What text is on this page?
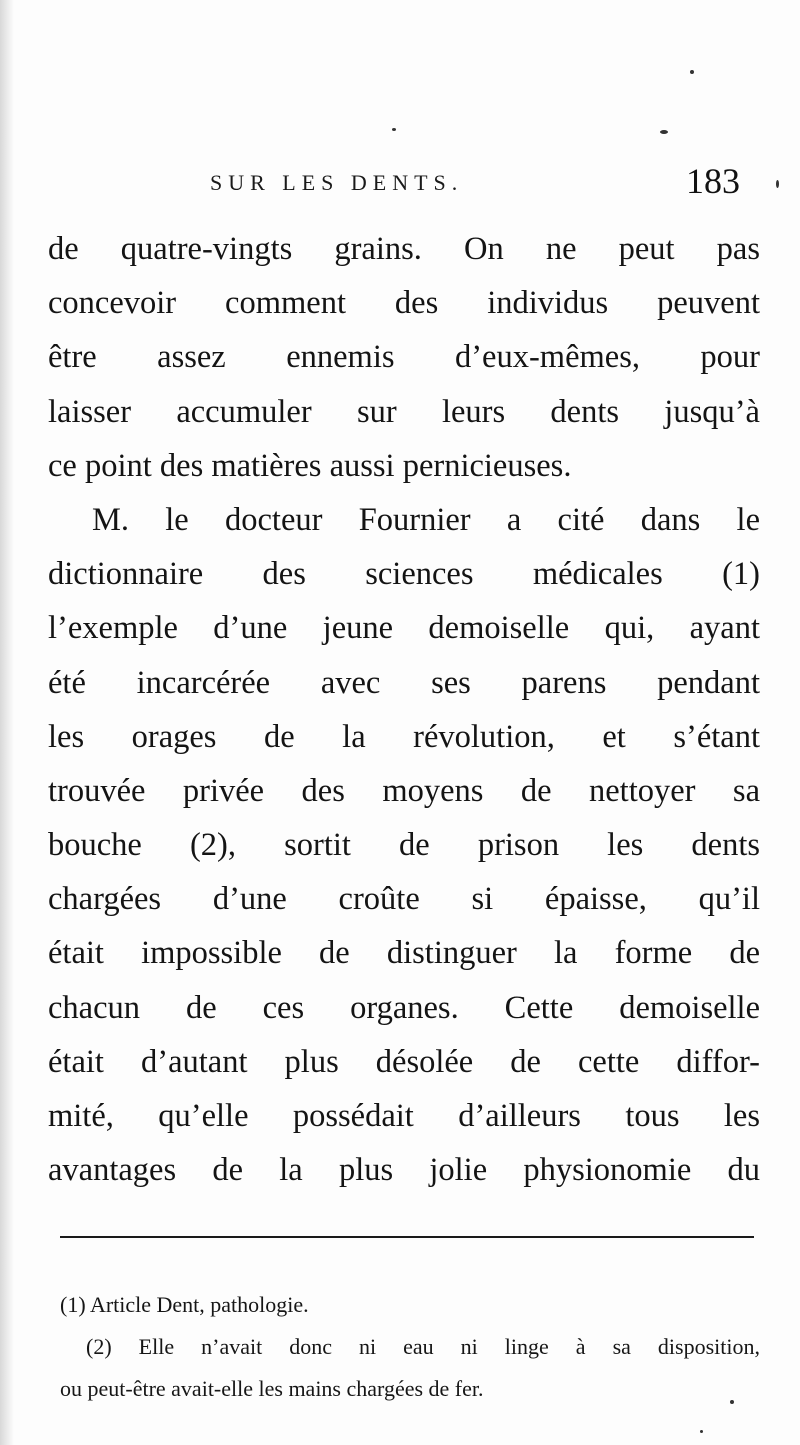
SUR LES DENTS.	183
de quatre-vingts grains. On ne peut pas
concevoir comment des individus peuvent
être assez ennemis d’eux-mêmes, pour
laisser accumuler sur leurs dents jusqu’à
ce point des matières aussi pernicieuses.
M. le docteur Fournier a cité dans le
dictionnaire des sciences médicales (1)
l’exemple d’une jeune demoiselle qui, ayant
été incarcérée avec ses parens pendant
les orages de la révolution, et s’étant
trouvée privée des moyens de nettoyer sa
bouche (2), sortit de prison les dents
chargées d’une croûte si épaisse, qu’il
était impossible de distinguer la forme de
chacun de ces organes. Cette demoiselle
était d’autant plus désolée de cette diffor-
mité, qu’elle possédait d’ailleurs tous les
avantages de la plus jolie physionomie du
(1) Article Dent, pathologie.
(2) Elle n’avait donc ni eau ni linge à sa disposition,
ou peut-être avait-elle les mains chargées de fer.
